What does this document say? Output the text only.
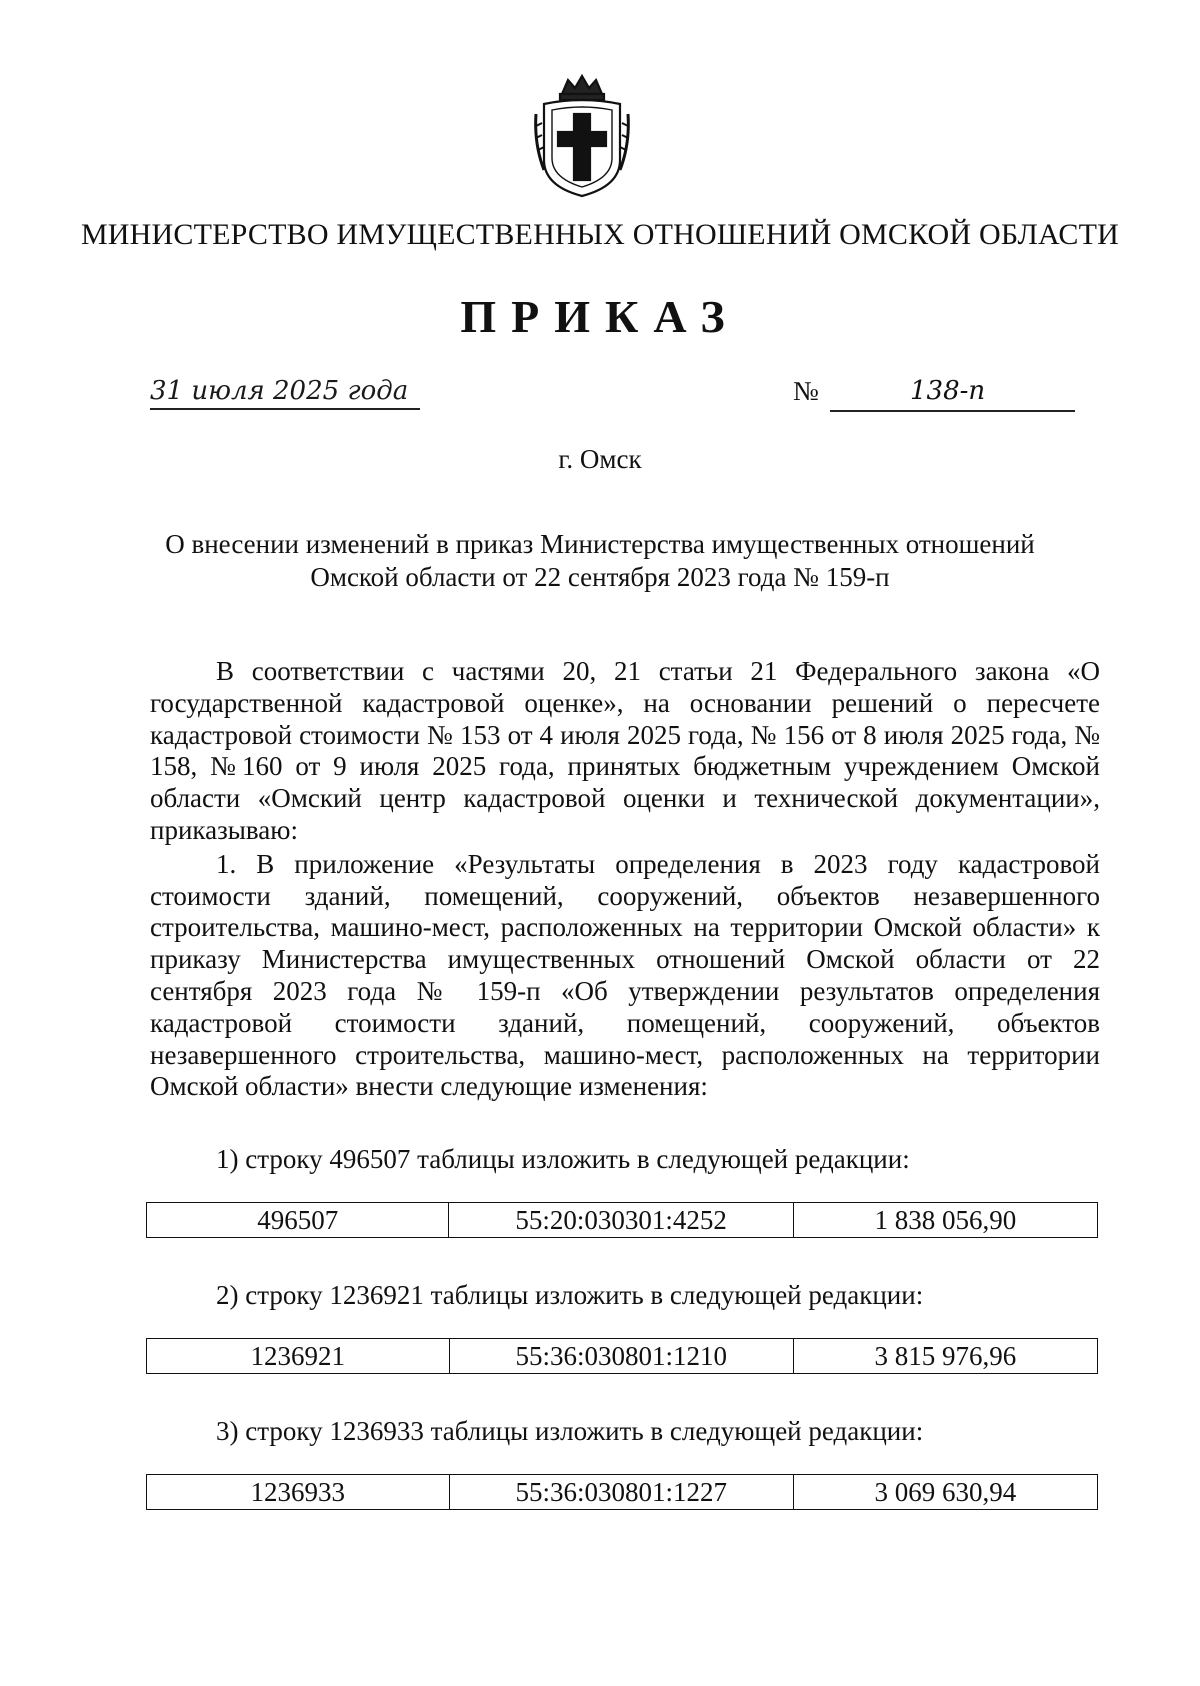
МИНИСТЕРСТВО ИМУЩЕСТВЕННЫХ ОТНОШЕНИЙ ОМСКОЙ ОБЛАСТИ
ПРИКАЗ
31 июля 2025 года	№	138-п
г. Омск
О внесении изменений в приказ Министерства имущественных отношений
Омской области от 22 сентября 2023 года № 159-п

В соответствии с частями 20, 21 статьи 21 Федерального закона «О государственной кадастровой оценке», на основании решений о пересчете кадастровой стоимости № 153 от 4 июля 2025 года, № 156 от 8 июля 2025 года, № 158, №160 от 9 июля 2025 года, принятых бюджетным учреждением Омской области «Омский центр кадастровой оценки и технической документации», приказываю:

1. В приложение «Результаты определения в 2023 году кадастровой стоимости зданий, помещений, сооружений, объектов незавершенного строительства, машино-мест, расположенных на территории Омской области» к приказу Министерства имущественных отношений Омской области от 22 сентября 2023 года № 159-п «Об утверждении результатов определения кадастровой стоимости зданий, помещений, сооружений, объектов незавершенного строительства, машино-мест, расположенных на территории Омской области» внести следующие изменения:

1) строку 496507 таблицы изложить в следующей редакции:
496507	55:20:030301:4252	1 838 056,90
2) строку 1236921 таблицы изложить в следующей редакции:
1236921	55:36:030801:1210	3 815 976,96
3) строку 1236933 таблицы изложить в следующей редакции:
1236933	55:36:030801:1227	3 069 630,94
